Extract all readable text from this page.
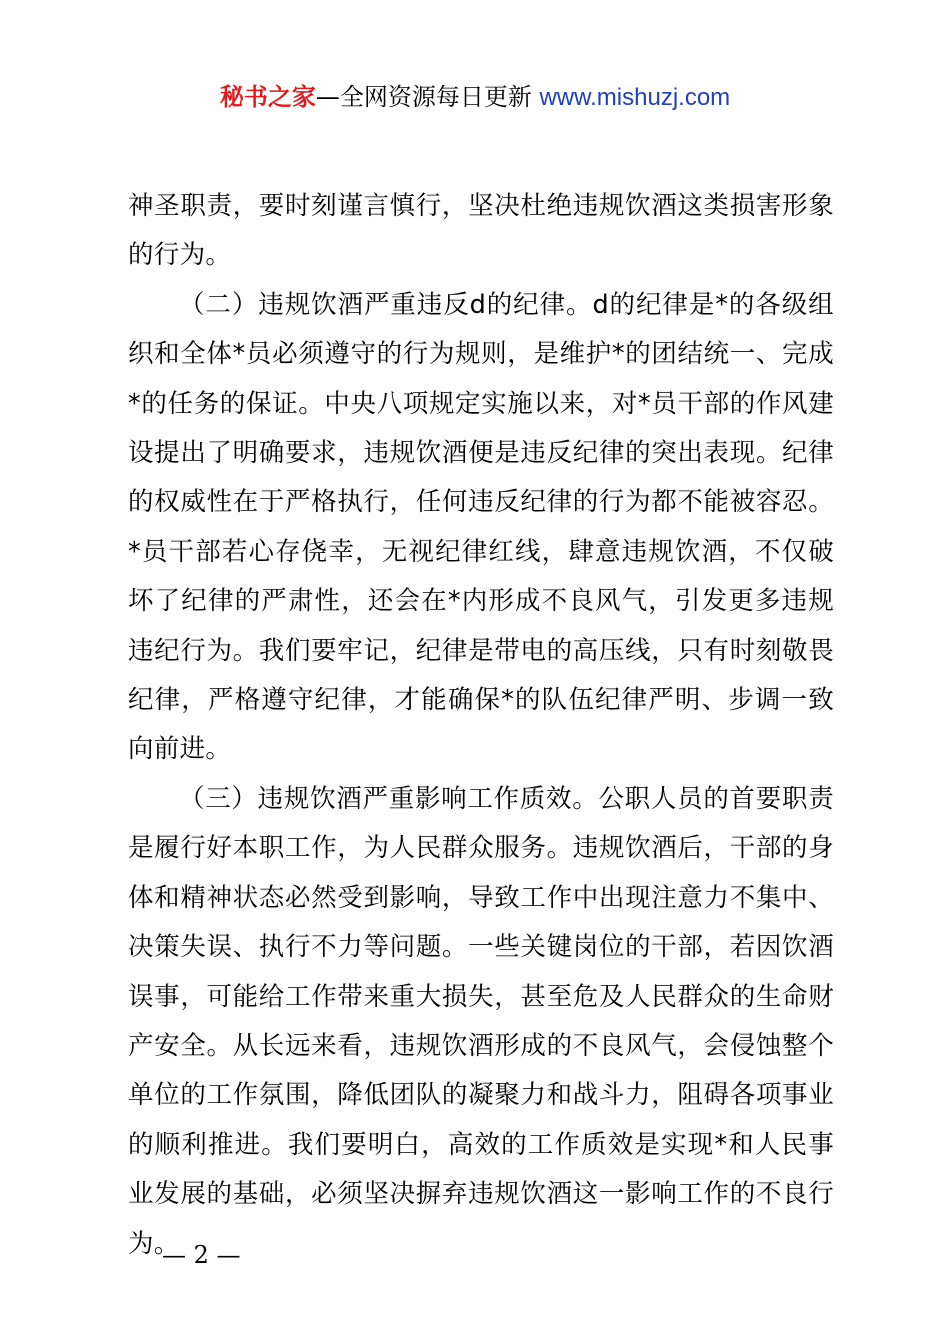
秘书之家—全网资源每日更新 www.mishuzj.com

神圣职责，要时刻谨言慎行，坚决杜绝违规饮酒这类损害形象的行为。

（二）违规饮酒严重违反d的纪律。d的纪律是*的各级组织和全体*员必须遵守的行为规则，是维护*的团结统一、完成*的任务的保证。中央八项规定实施以来，对*员干部的作风建设提出了明确要求，违规饮酒便是违反纪律的突出表现。纪律的权威性在于严格执行，任何违反纪律的行为都不能被容忍。*员干部若心存侥幸，无视纪律红线，肆意违规饮酒，不仅破坏了纪律的严肃性，还会在*内形成不良风气，引发更多违规违纪行为。我们要牢记，纪律是带电的高压线，只有时刻敬畏纪律，严格遵守纪律，才能确保*的队伍纪律严明、步调一致向前进。

（三）违规饮酒严重影响工作质效。公职人员的首要职责是履行好本职工作，为人民群众服务。违规饮酒后，干部的身体和精神状态必然受到影响，导致工作中出现注意力不集中、决策失误、执行不力等问题。一些关键岗位的干部，若因饮酒误事，可能给工作带来重大损失，甚至危及人民群众的生命财产安全。从长远来看，违规饮酒形成的不良风气，会侵蚀整个单位的工作氛围，降低团队的凝聚力和战斗力，阻碍各项事业的顺利推进。我们要明白，高效的工作质效是实现*和人民事业发展的基础，必须坚决摒弃违规饮酒这一影响工作的不良行为。

— 2 —
